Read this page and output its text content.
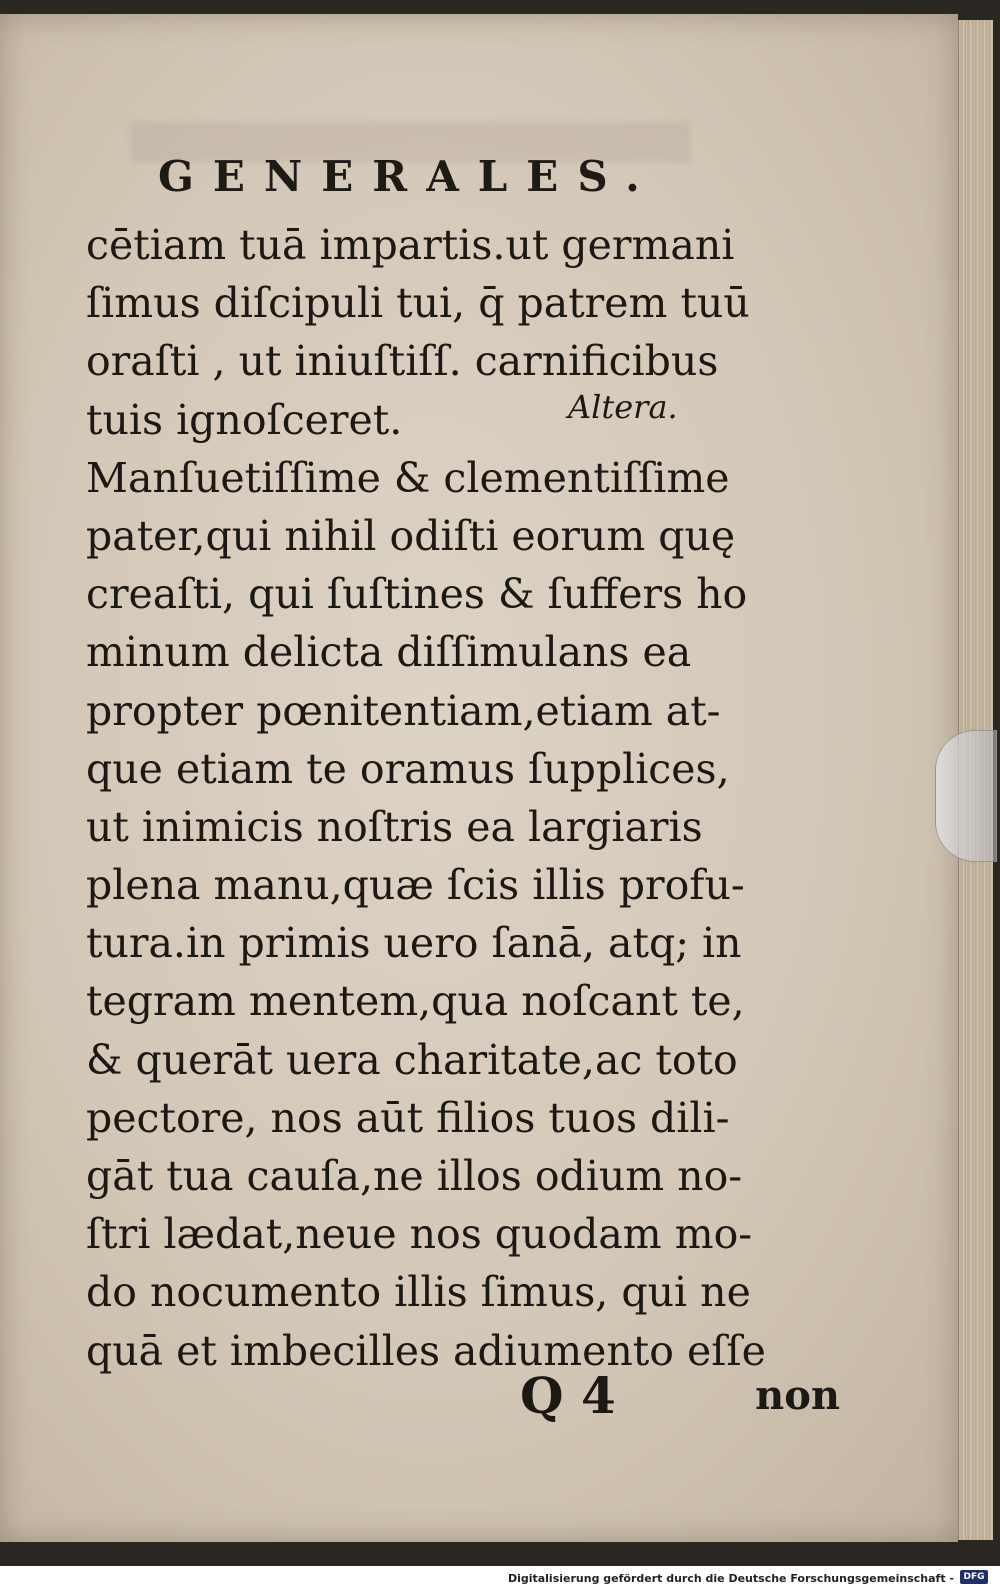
GENERALES.
cētiam tuā impartis.ut germani
ſimus diſcipuli tui, q̄ patrem tuū
oraſti , ut iniuſtiſſ. carnificibus
tuis ignoſceret.
Manſuetiſſime & clementiſſime
pater,qui nihil odiſti eorum quę
creaſti, qui ſuſtines & ſuffers ho
minum delicta diſſimulans ea
propter pœnitentiam,etiam at-
que etiam te oramus ſupplices,
ut inimicis noſtris ea largiaris
plena manu,quæ ſcis illis profu-
tura.in primis uero ſanā, atq; in
tegram mentem,qua noſcant te,
& querāt uera charitate,ac toto
pectore, nos aūt filios tuos dili-
gāt tua cauſa,ne illos odium no-
ſtri lædat,neue nos quodam mo-
do nocumento illis ſimus, qui ne
quā et imbecilles adiumento eſſe
Altera.
Q 4	non
Digitalisierung gefördert durch die Deutsche Forschungsgemeinschaft -	DFG
